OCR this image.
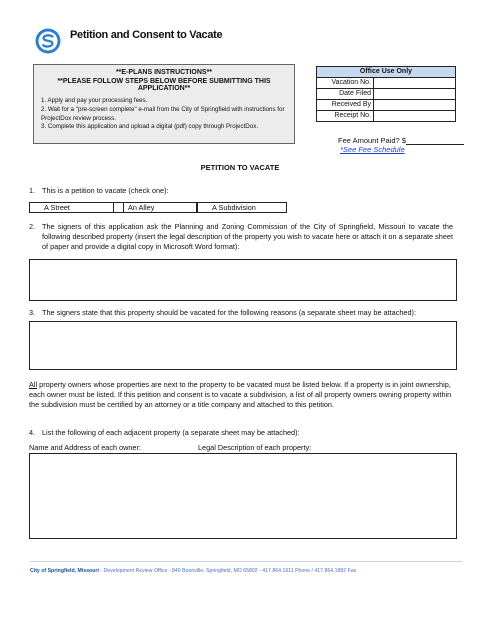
Petition and Consent to Vacate
**E-PLANS INSTRUCTIONS**
**PLEASE FOLLOW STEPS BELOW BEFORE SUBMITTING THIS APPLICATION**
1. Apply and pay your processing fees.
2. Wait for a "pre-screen complete" e-mail from the City of Springfield with instructions for ProjectDox review process.
3. Complete this application and upload a digital (pdf) copy through ProjectDox.
Office Use Only	
Vacation No.	
Date Filed	
Received By	
Receipt No.	
Fee Amount Paid? $
*See Fee Schedule
PETITION TO VACATE
1. This is a petition to vacate (check one):
A Street	An Alley	A Subdivision
2. The signers of this application ask the Planning and Zoning Commission of the City of Springfield, Missouri to vacate the following described property (insert the legal description of the property you wish to vacate here or attach it on a separate sheet of paper and provide a digital copy in Microsoft Word format):
3. The signers state that this property should be vacated for the following reasons (a separate sheet may be attached):
All property owners whose properties are next to the property to be vacated must be listed below. If a property is in joint ownership, each owner must be listed. If this petition and consent is to vacate a subdivision, a list of all property owners owning property within the subdivision must be certified by an attorney or a title company and attached to this petition.
4. List the following of each adjacent property (a separate sheet may be attached):
Name and Address of each owner:	Legal Description of each property:
City of Springfield, Missouri - Development Review Office - 840 Boonville, Springfield, MO 65802 - 417.864.1611 Phone / 417.864.1882 Fax
